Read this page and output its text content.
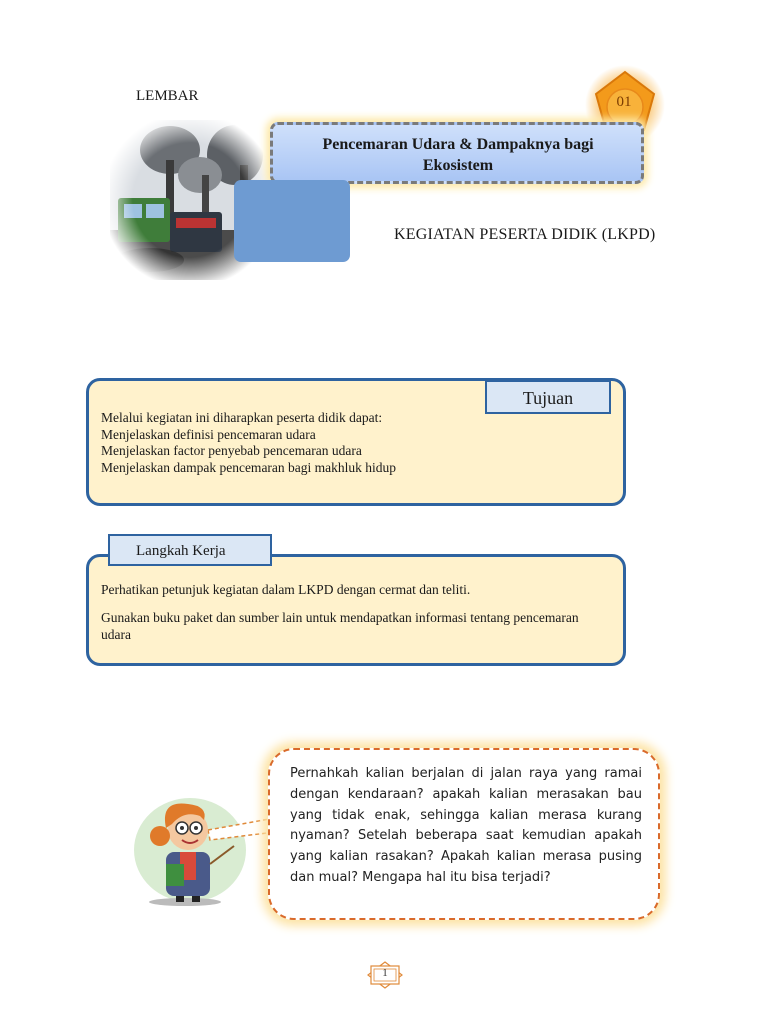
LEMBAR	01
Pencemaran Udara & Dampaknya bagi Ekosistem
KEGIATAN PESERTA DIDIK (LKPD)
Tujuan
Melalui kegiatan ini diharapkan peserta didik dapat:
Menjelaskan definisi pencemaran udara
Menjelaskan factor penyebab pencemaran udara
Menjelaskan dampak pencemaran bagi makhluk hidup
Langkah Kerja

Perhatikan petunjuk kegiatan dalam LKPD dengan cermat dan teliti.

Gunakan buku paket dan sumber lain untuk mendapatkan informasi tentang pencemaran udara

Pernahkah kalian berjalan di jalan raya yang ramai dengan kendaraan? apakah kalian merasakan bau yang tidak enak, sehingga kalian merasa kurang nyaman? Setelah beberapa saat kemudian apakah yang kalian rasakan? Apakah kalian merasa pusing dan mual? Mengapa hal itu bisa terjadi?
1
